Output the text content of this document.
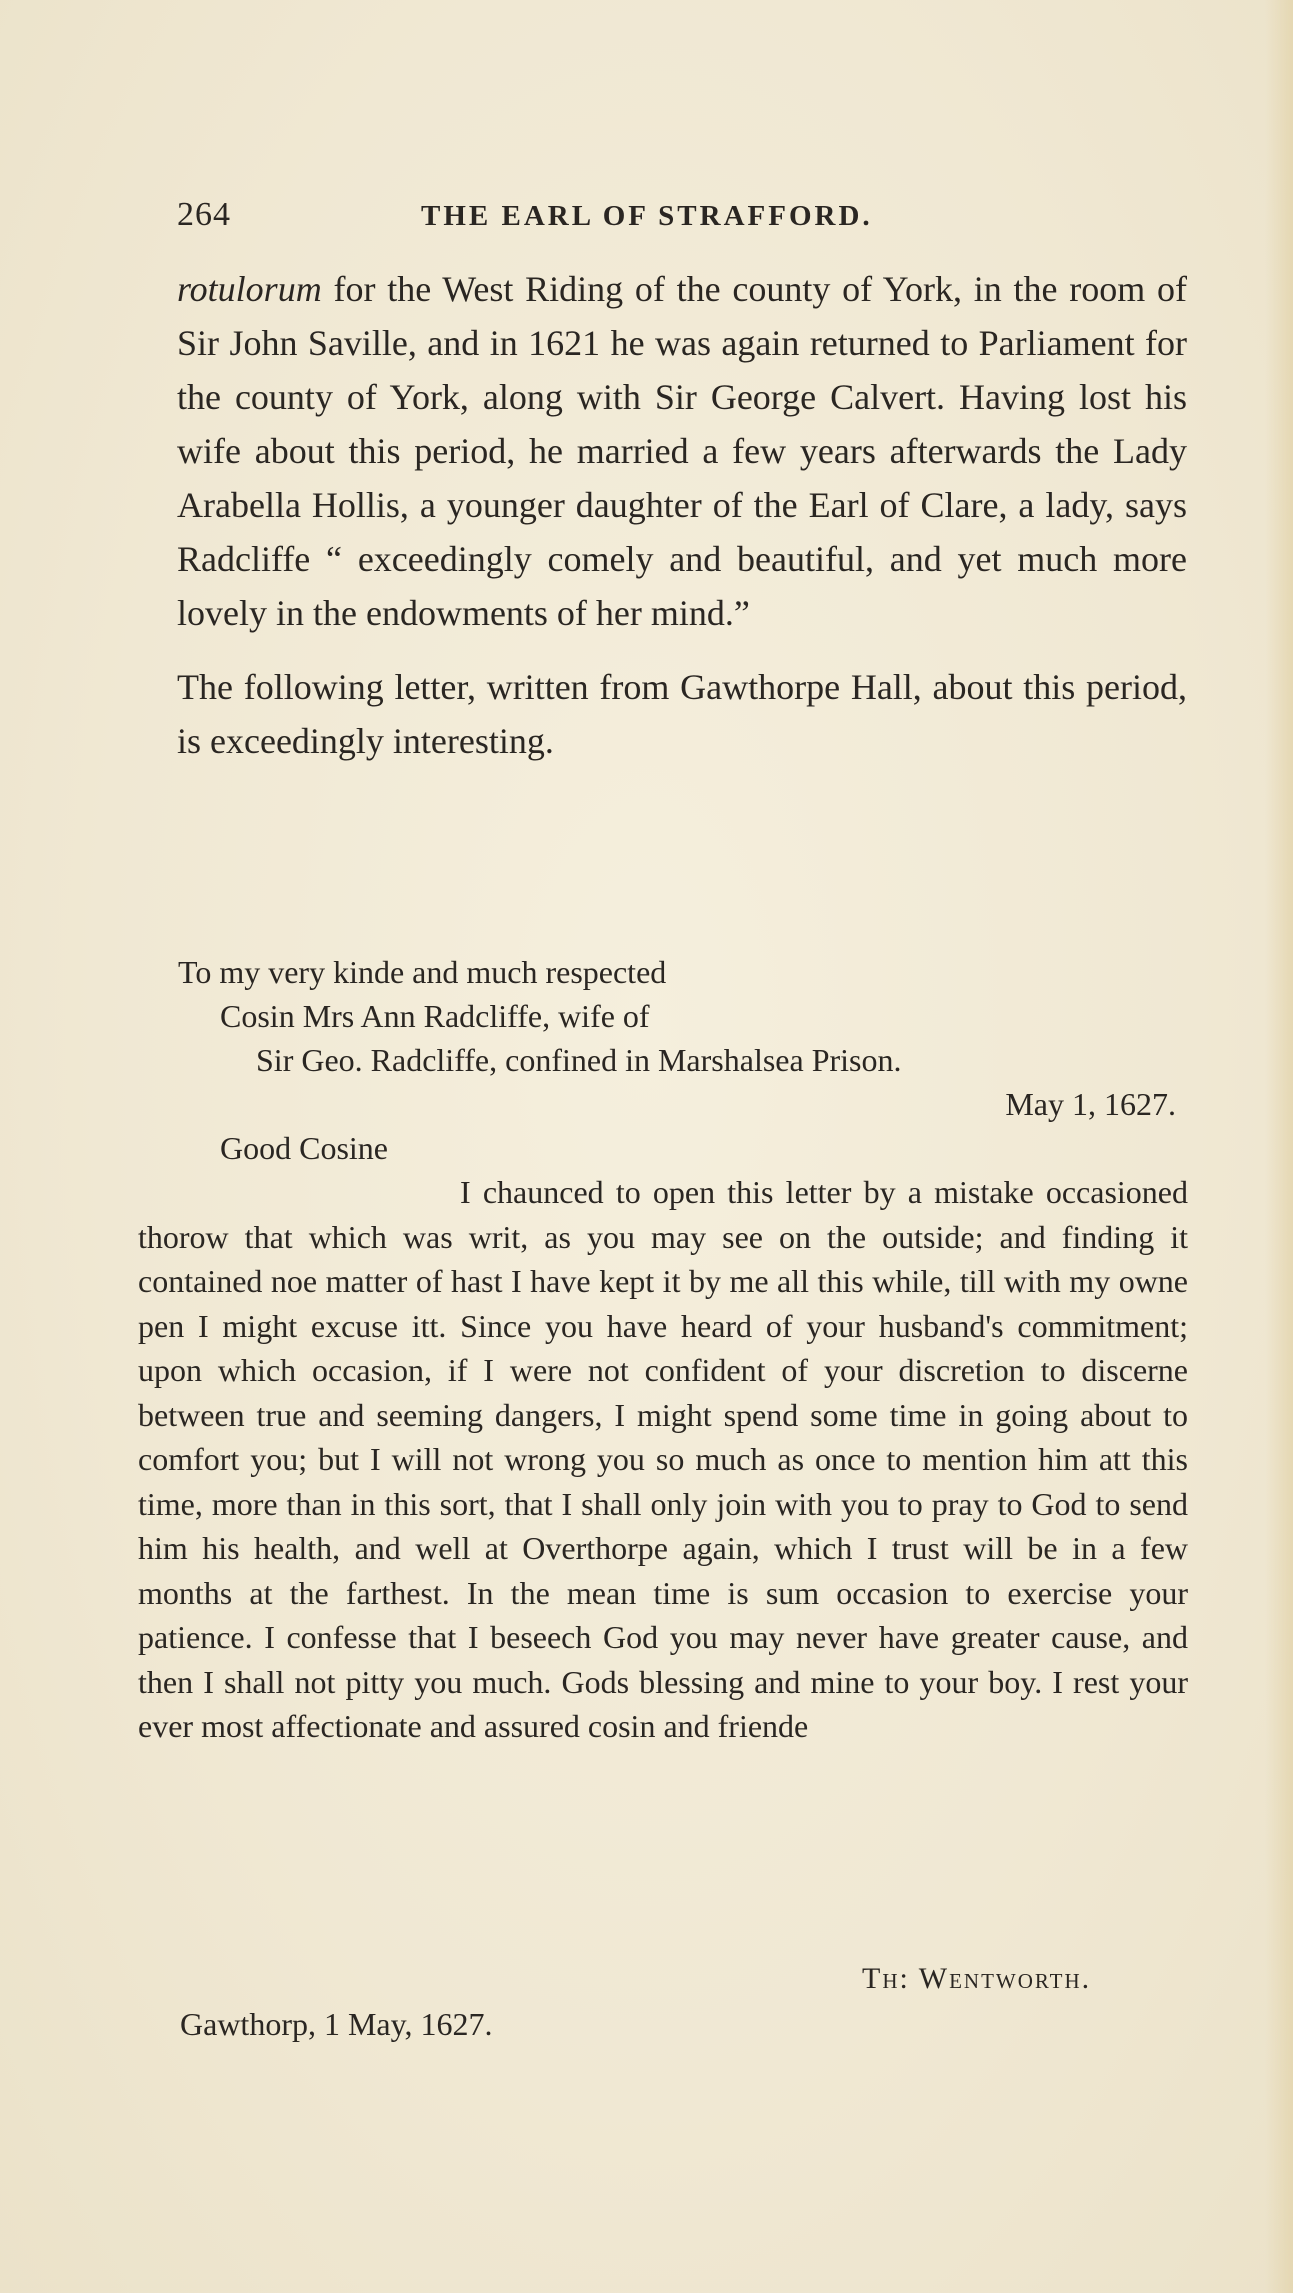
264	THE EARL OF STRAFFORD.

rotulorum for the West Riding of the county of York, in the room of Sir John Saville, and in 1621 he was again returned to Parliament for the county of York, along with Sir George Calvert. Having lost his wife about this period, he married a few years afterwards the Lady Arabella Hollis, a younger daughter of the Earl of Clare, a lady, says Radcliffe “ exceedingly comely and beautiful, and yet much more lovely in the endowments of her mind.”

The following letter, written from Gawthorpe Hall, about this period, is exceedingly interesting.

To my very kinde and much respected

Cosin Mrs Ann Radcliffe, wife of

Sir Geo. Radcliffe, confined in Marshalsea Prison.

May 1, 1627.

Good Cosine

I chaunced to open this letter by a mistake occasioned thorow that which was writ, as you may see on the outside; and finding it contained noe matter of hast I have kept it by me all this while, till with my owne pen I might excuse itt. Since you have heard of your husband's commitment; upon which occasion, if I were not confident of your discretion to discerne between true and seeming dangers, I might spend some time in going about to comfort you; but I will not wrong you so much as once to mention him att this time, more than in this sort, that I shall only join with you to pray to God to send him his health, and well at Overthorpe again, which I trust will be in a few months at the farthest. In the mean time is sum occasion to exercise your patience. I confesse that I beseech God you may never have greater cause, and then I shall not pitty you much. Gods blessing and mine to your boy. I rest your ever most affectionate and assured cosin and friende

Th: Wentworth.
Gawthorp, 1 May, 1627.
